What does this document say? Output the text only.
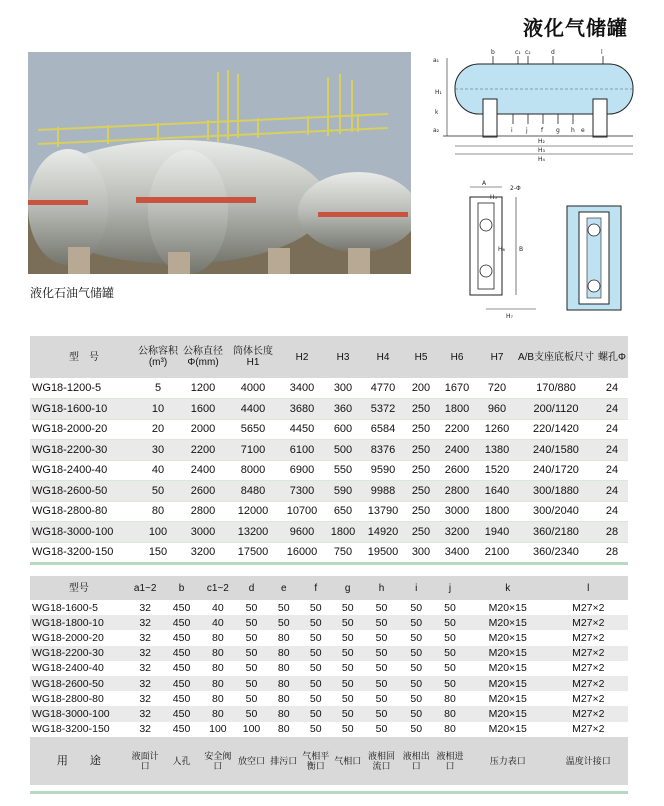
液化气储罐
液化石油气储罐
b	c₁ c₂	d	l
a₁
H₁
k
a₂	i j f g h e
H₂
H₃
H₄
A
2-Φ
H₅
H₆ B
H₇
型　号	公称容积(m³)	公称直径Φ(mm)	筒体长度H1	H2	H3	H4	H5	H6	H7	A/B支座底板尺寸	螺孔Φ
WG18-1200-5	5	1200	4000	3400	300	4770	200	1670	720	170/880	24
WG18-1600-10	10	1600	4400	3680	360	5372	250	1800	960	200/1120	24
WG18-2000-20	20	2000	5650	4450	600	6584	250	2200	1260	220/1420	24
WG18-2200-30	30	2200	7100	6100	500	8376	250	2400	1380	240/1580	24
WG18-2400-40	40	2400	8000	6900	550	9590	250	2600	1520	240/1720	24
WG18-2600-50	50	2600	8480	7300	590	9988	250	2800	1640	300/1880	24
WG18-2800-80	80	2800	12000	10700	650	13790	250	3000	1800	300/2040	24
WG18-3000-100	100	3000	13200	9600	1800	14920	250	3200	1940	360/2180	28
WG18-3200-150	150	3200	17500	16000	750	19500	300	3400	2100	360/2340	28
型号	a1~2	b	c1~2	d	e	f	g	h	i	j	k	l
WG18-1600-5	32	450	40	50	50	50	50	50	50	50	M20×15	M27×2
WG18-1800-10	32	450	40	50	50	50	50	50	50	50	M20×15	M27×2
WG18-2000-20	32	450	80	50	80	50	50	50	50	50	M20×15	M27×2
WG18-2200-30	32	450	80	50	80	50	50	50	50	50	M20×15	M27×2
WG18-2400-40	32	450	80	50	80	50	50	50	50	50	M20×15	M27×2
WG18-2600-50	32	450	80	50	80	50	50	50	50	50	M20×15	M27×2
WG18-2800-80	32	450	80	50	80	50	50	50	50	80	M20×15	M27×2
WG18-3000-100	32	450	80	50	80	50	50	50	50	80	M20×15	M27×2
WG18-3200-150	32	450	100	100	80	50	50	50	50	80	M20×15	M27×2
用　　途	液面计口	人孔	安全阀口	放空口	排污口	气相平衡口	气相口	液相回流口	液相出口	液相进口	压力表口	温度计接口
